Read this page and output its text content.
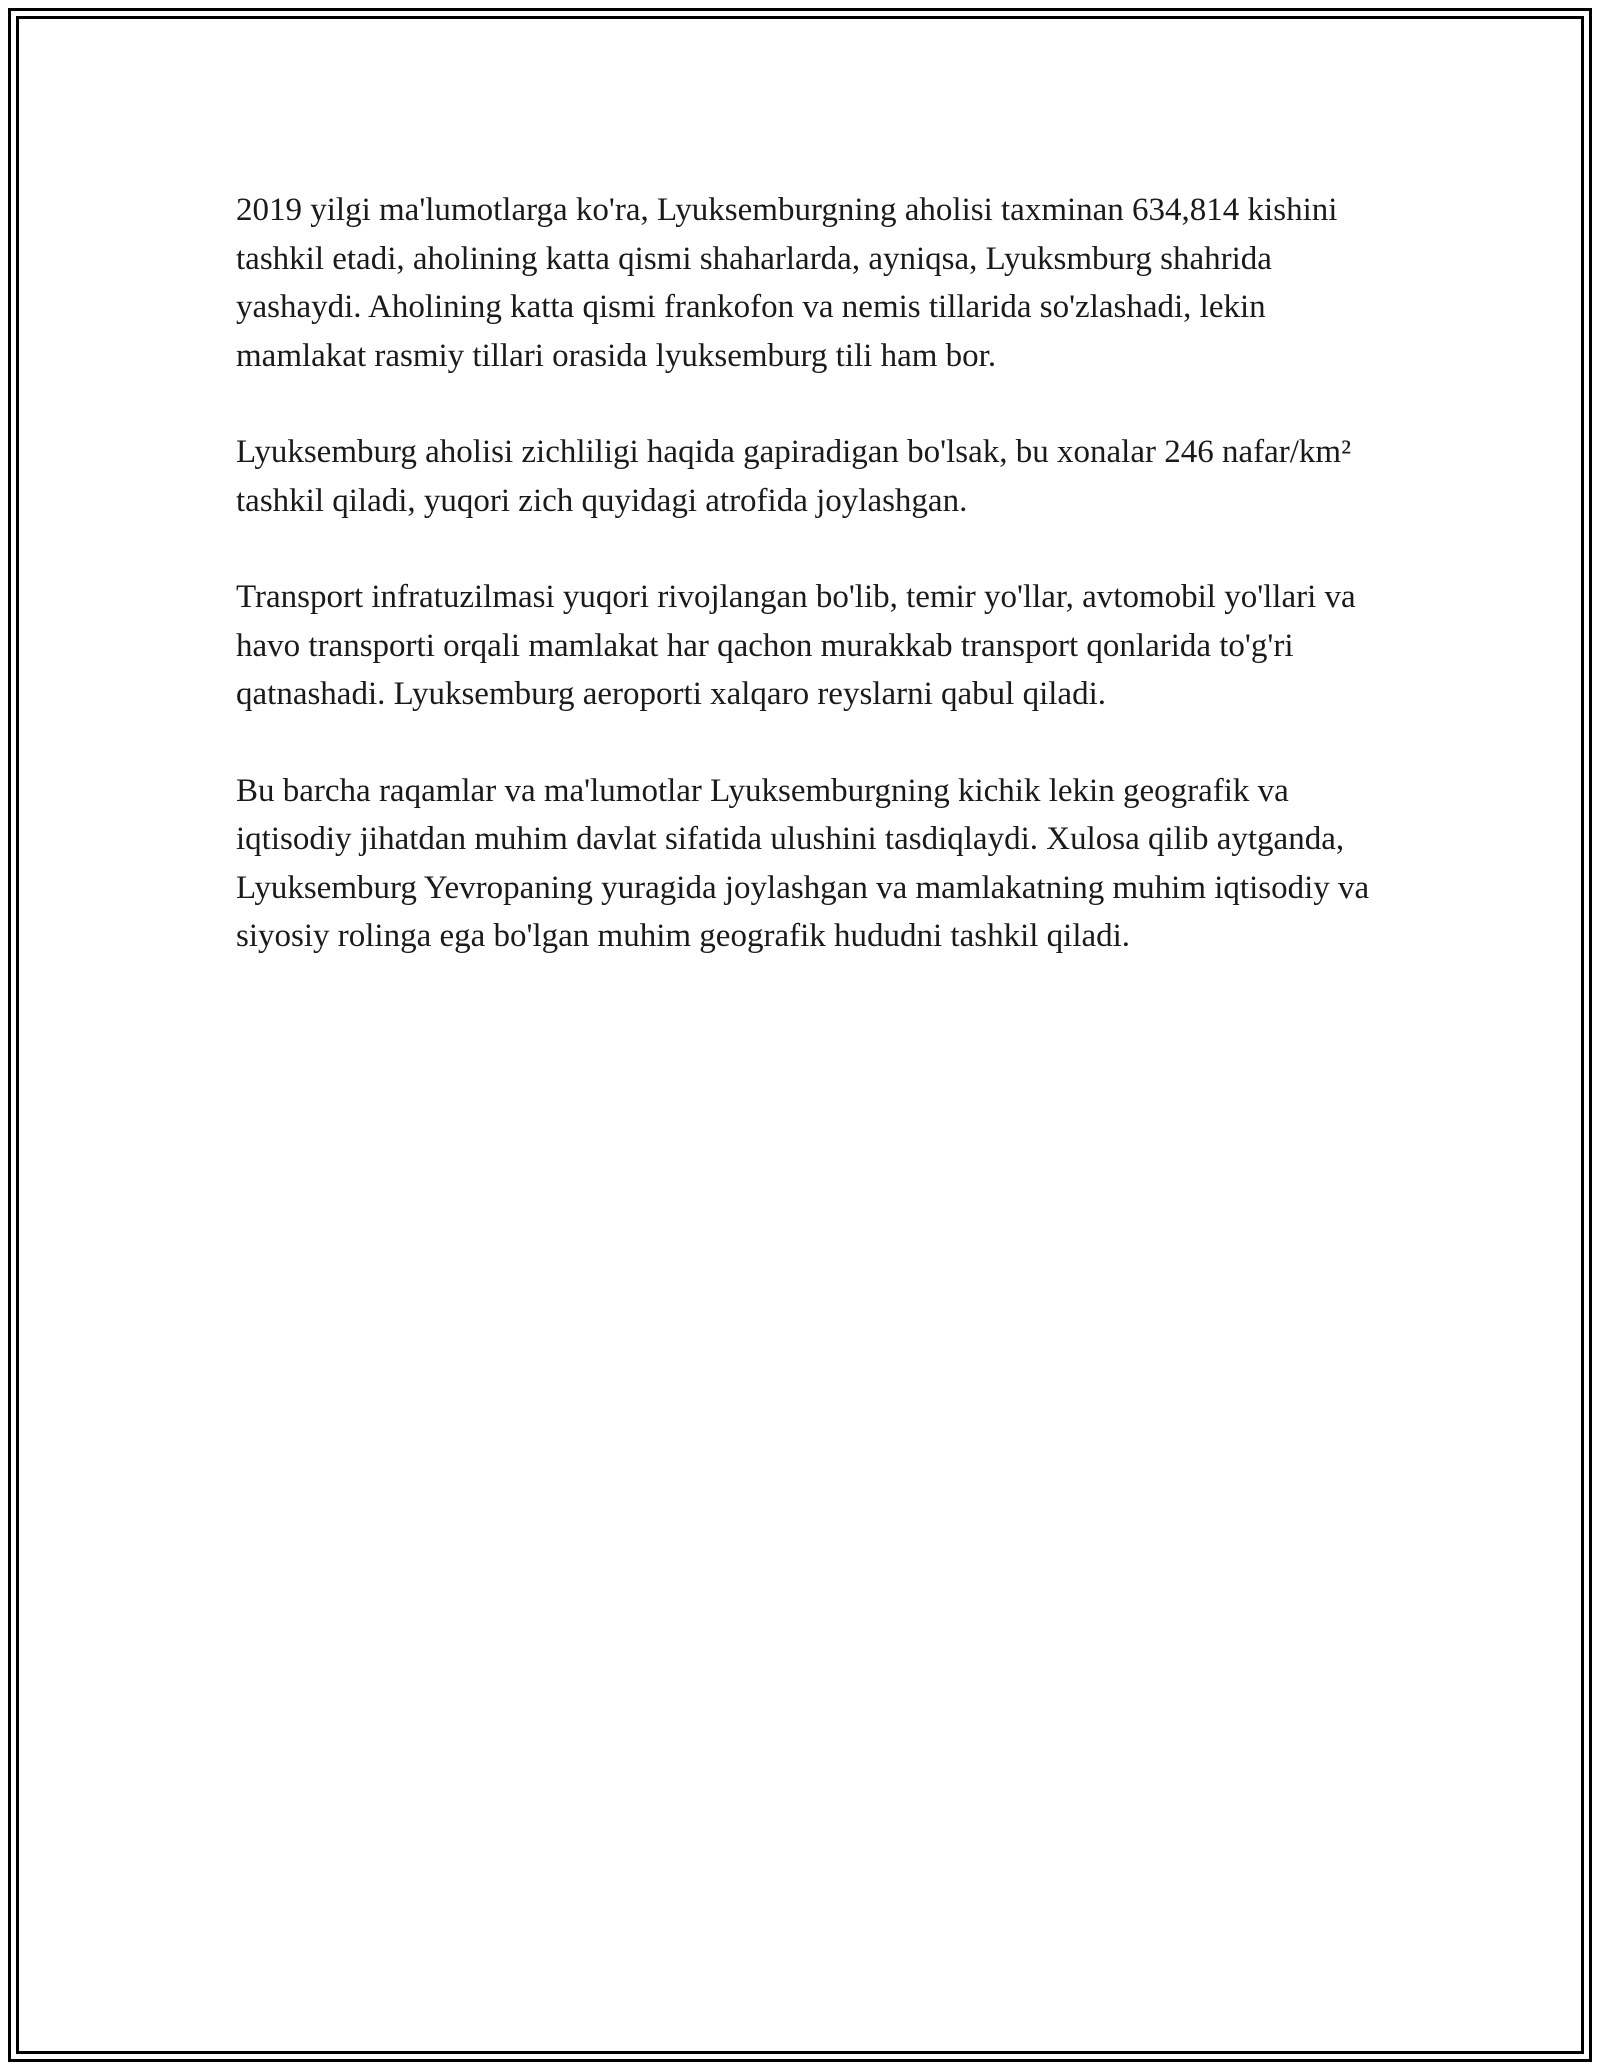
2019 yilgi ma'lumotlarga ko'ra, Lyuksemburgning aholisi taxminan 634,814 kishini tashkil etadi, aholining katta qismi shaharlarda, ayniqsa, Lyuksmburg shahrida yashaydi. Aholining katta qismi frankofon va nemis tillarida so'zlashadi, lekin mamlakat rasmiy tillari orasida lyuksemburg tili ham bor.

Lyuksemburg aholisi zichliligi haqida gapiradigan bo'lsak, bu xonalar 246 nafar/km² tashkil qiladi, yuqori zich quyidagi atrofida joylashgan.

Transport infratuzilmasi yuqori rivojlangan bo'lib, temir yo'llar, avtomobil yo'llari va havo transporti orqali mamlakat har qachon murakkab transport qonlarida to'g'ri qatnashadi. Lyuksemburg aeroporti xalqaro reyslarni qabul qiladi.

Bu barcha raqamlar va ma'lumotlar Lyuksemburgning kichik lekin geografik va iqtisodiy jihatdan muhim davlat sifatida ulushini tasdiqlaydi. Xulosa qilib aytganda, Lyuksemburg Yevropaning yuragida joylashgan va mamlakatning muhim iqtisodiy va siyosiy rolinga ega bo'lgan muhim geografik hududni tashkil qiladi.
